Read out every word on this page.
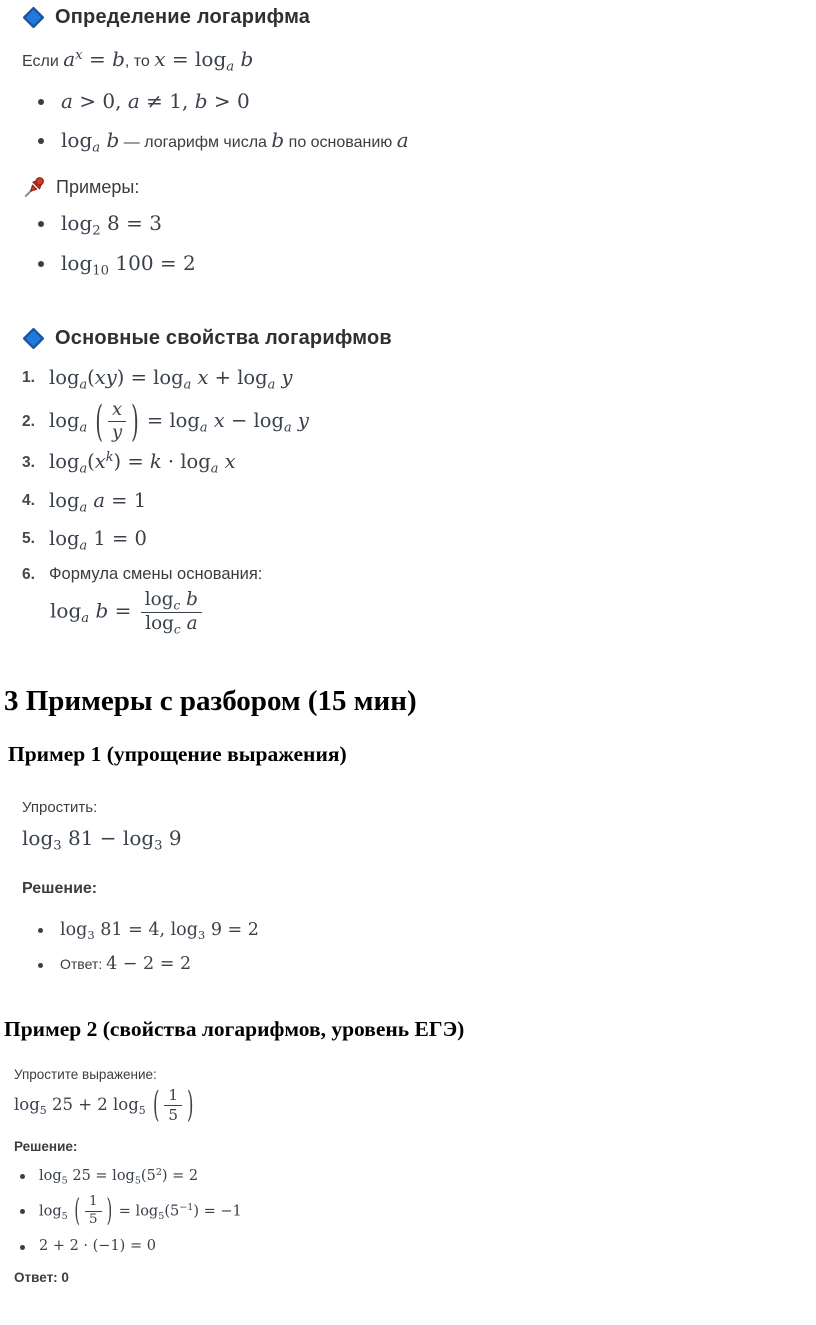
Определение логарифма
Если $a^x = b$, то $x = \log_a b$
a > 0, a ≠ 1, b > 0
$\log_a b$ — логарифм числа b по основанию a
Примеры:
$\log_2 8 = 3$
$\log_{10} 100 = 2$
Основные свойства логарифмов
1. $\log_a(xy) = \log_a x + \log_a y$
2. $\log_a$ ( $\frac{x}{y}$ ) = $\log_a x - \log_a y$
3. $\log_a(x^k) = k \cdot \log_a x$
4. $\log_a a = 1$
5. $\log_a 1 = 0$
6. Формула смены основания:
$\log_a b = \frac{\log_c b}{\log_c a}$
3 Примеры с разбором (15 мин)
Пример 1 (упрощение выражения)
Упростить:
$\log_3 81 - \log_3 9$
Решение:
$\log_3 81 = 4$, $\log_3 9 = 2$
Ответ: 4 − 2 = 2
Пример 2 (свойства логарифмов, уровень ЕГЭ)
Упростите выражение:
$\log_5 25 + 2$ $\log_5$ ( $\frac{1}{5}$ )
Решение:
$\log_5 25 = \log_5(5^2) = 2$
$\log_5$ ( $\frac{1}{5}$ ) = $\log_5(5^{-1}) = -1$
2 + 2 · (−1) = 0
Ответ: 0
